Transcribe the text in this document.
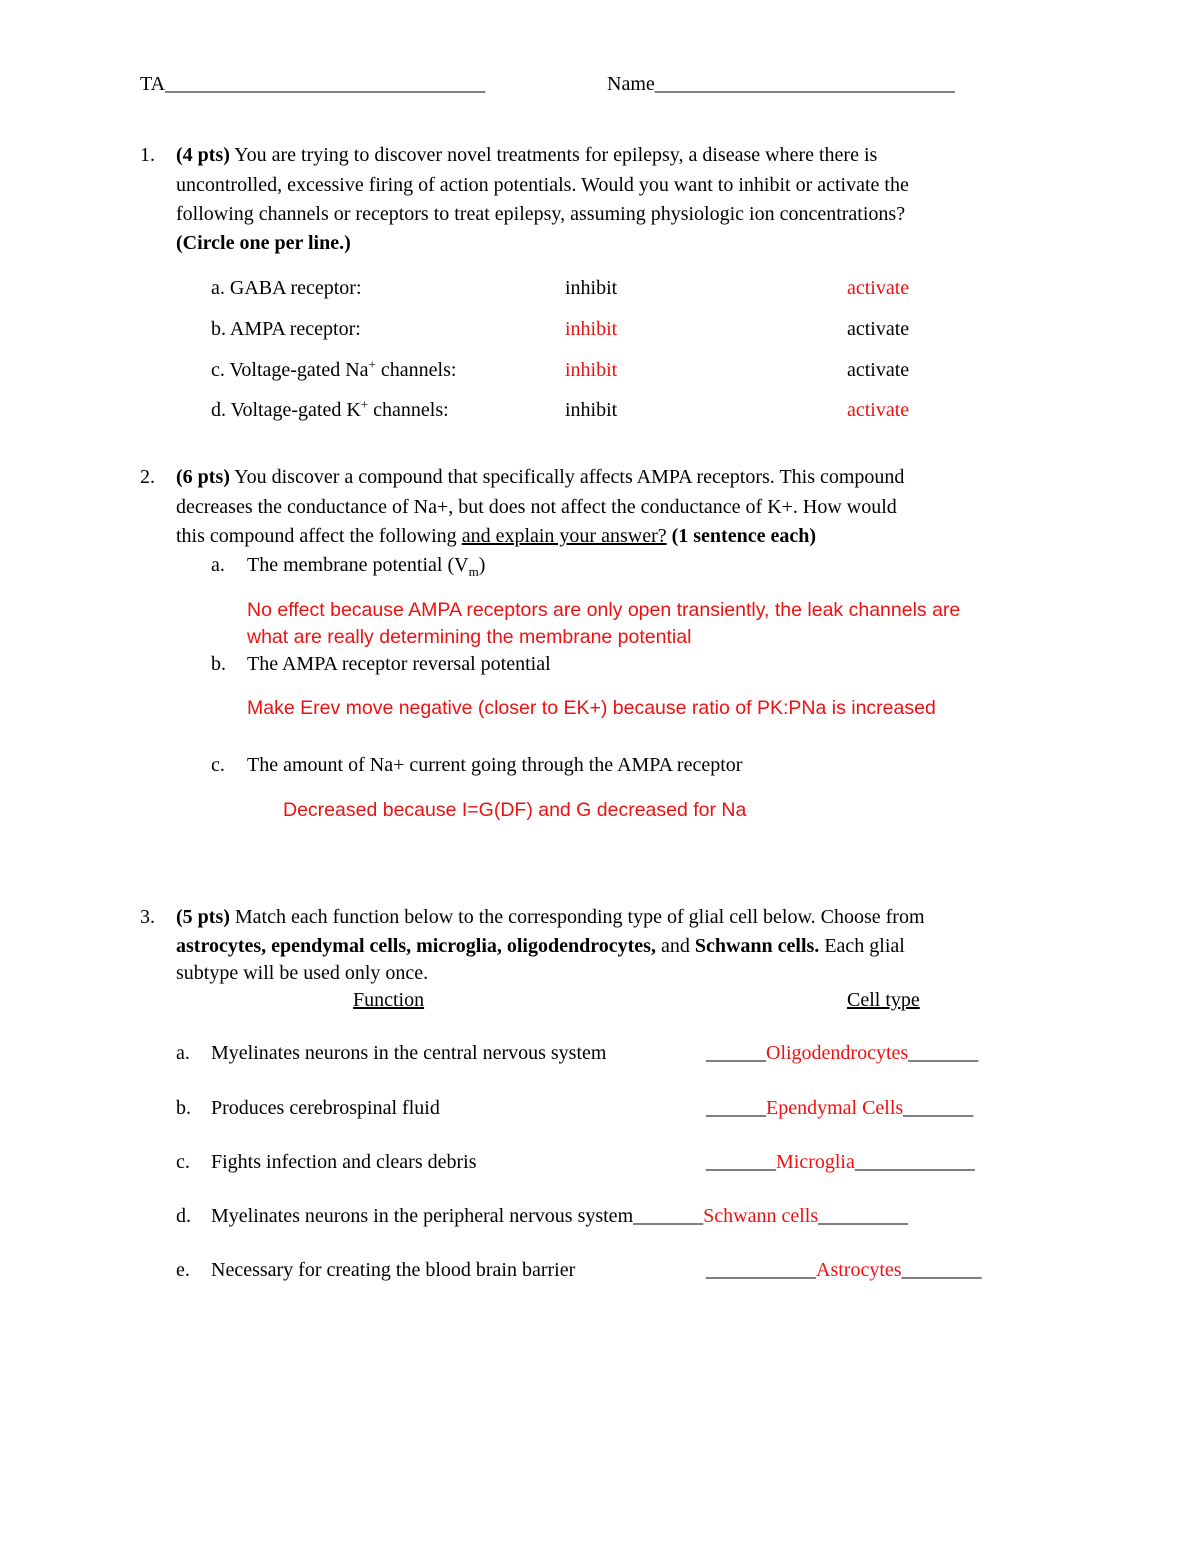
TA________________________________	Name______________________________
1. (4 pts) You are trying to discover novel treatments for epilepsy, a disease where there is
uncontrolled, excessive firing of action potentials. Would you want to inhibit or activate the
following channels or receptors to treat epilepsy, assuming physiologic ion concentrations?
(Circle one per line.)
a. GABA receptor:	inhibit	activate
b. AMPA receptor:	inhibit	activate
c. Voltage-gated Na+ channels:	inhibit	activate
d. Voltage-gated K+ channels:	inhibit	activate
2. (6 pts) You discover a compound that specifically affects AMPA receptors. This compound
decreases the conductance of Na+, but does not affect the conductance of K+. How would
this compound affect the following and explain your answer? (1 sentence each)
a. The membrane potential $(V_m)$
No effect because AMPA receptors are only open transiently, the leak channels are
what are really determining the membrane potential
b. The AMPA receptor reversal potential
Make Erev move negative (closer to EK+) because ratio of PK:PNa is increased
c. The amount of Na+ current going through the AMPA receptor
Decreased because I=G(DF) and G decreased for Na
3. (5 pts) Match each function below to the corresponding type of glial cell below. Choose from
astrocytes, ependymal cells, microglia, oligodendrocytes, and Schwann cells. Each glial
subtype will be used only once.
Function	Cell type
a. Myelinates neurons in the central nervous system	______Oligodendrocytes_______
b. Produces cerebrospinal fluid	______Ependymal Cells_______
c. Fights infection and clears debris	_______Microglia____________
d. Myelinates neurons in the peripheral nervous system_______Schwann cells_________
e. Necessary for creating the blood brain barrier	___________Astrocytes________
